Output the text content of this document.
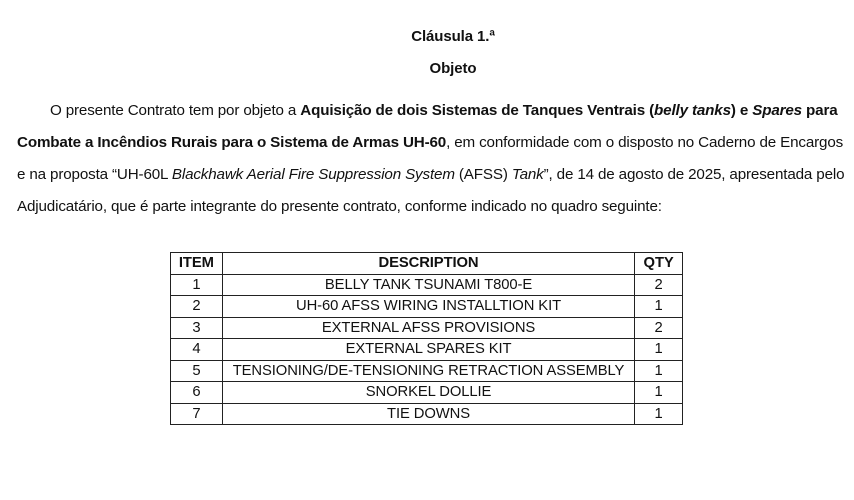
Cláusula 1.ª
Objeto
O presente Contrato tem por objeto a Aquisição de dois Sistemas de Tanques Ventrais (belly tanks) e Spares para
Combate a Incêndios Rurais para o Sistema de Armas UH-60, em conformidade com o disposto no Caderno de Encargos
e na proposta “UH-60L Blackhawk Aerial Fire Suppression System (AFSS) Tank”, de 14 de agosto de 2025, apresentada pelo
Adjudicatário, que é parte integrante do presente contrato, conforme indicado no quadro seguinte:
ITEM	DESCRIPTION	QTY
1	BELLY TANK TSUNAMI T800-E	2
2	UH-60 AFSS WIRING INSTALLTION KIT	1
3	EXTERNAL AFSS PROVISIONS	2
4	EXTERNAL SPARES KIT	1
5	TENSIONING/DE-TENSIONING RETRACTION ASSEMBLY	1
6	SNORKEL DOLLIE	1
7	TIE DOWNS	1
